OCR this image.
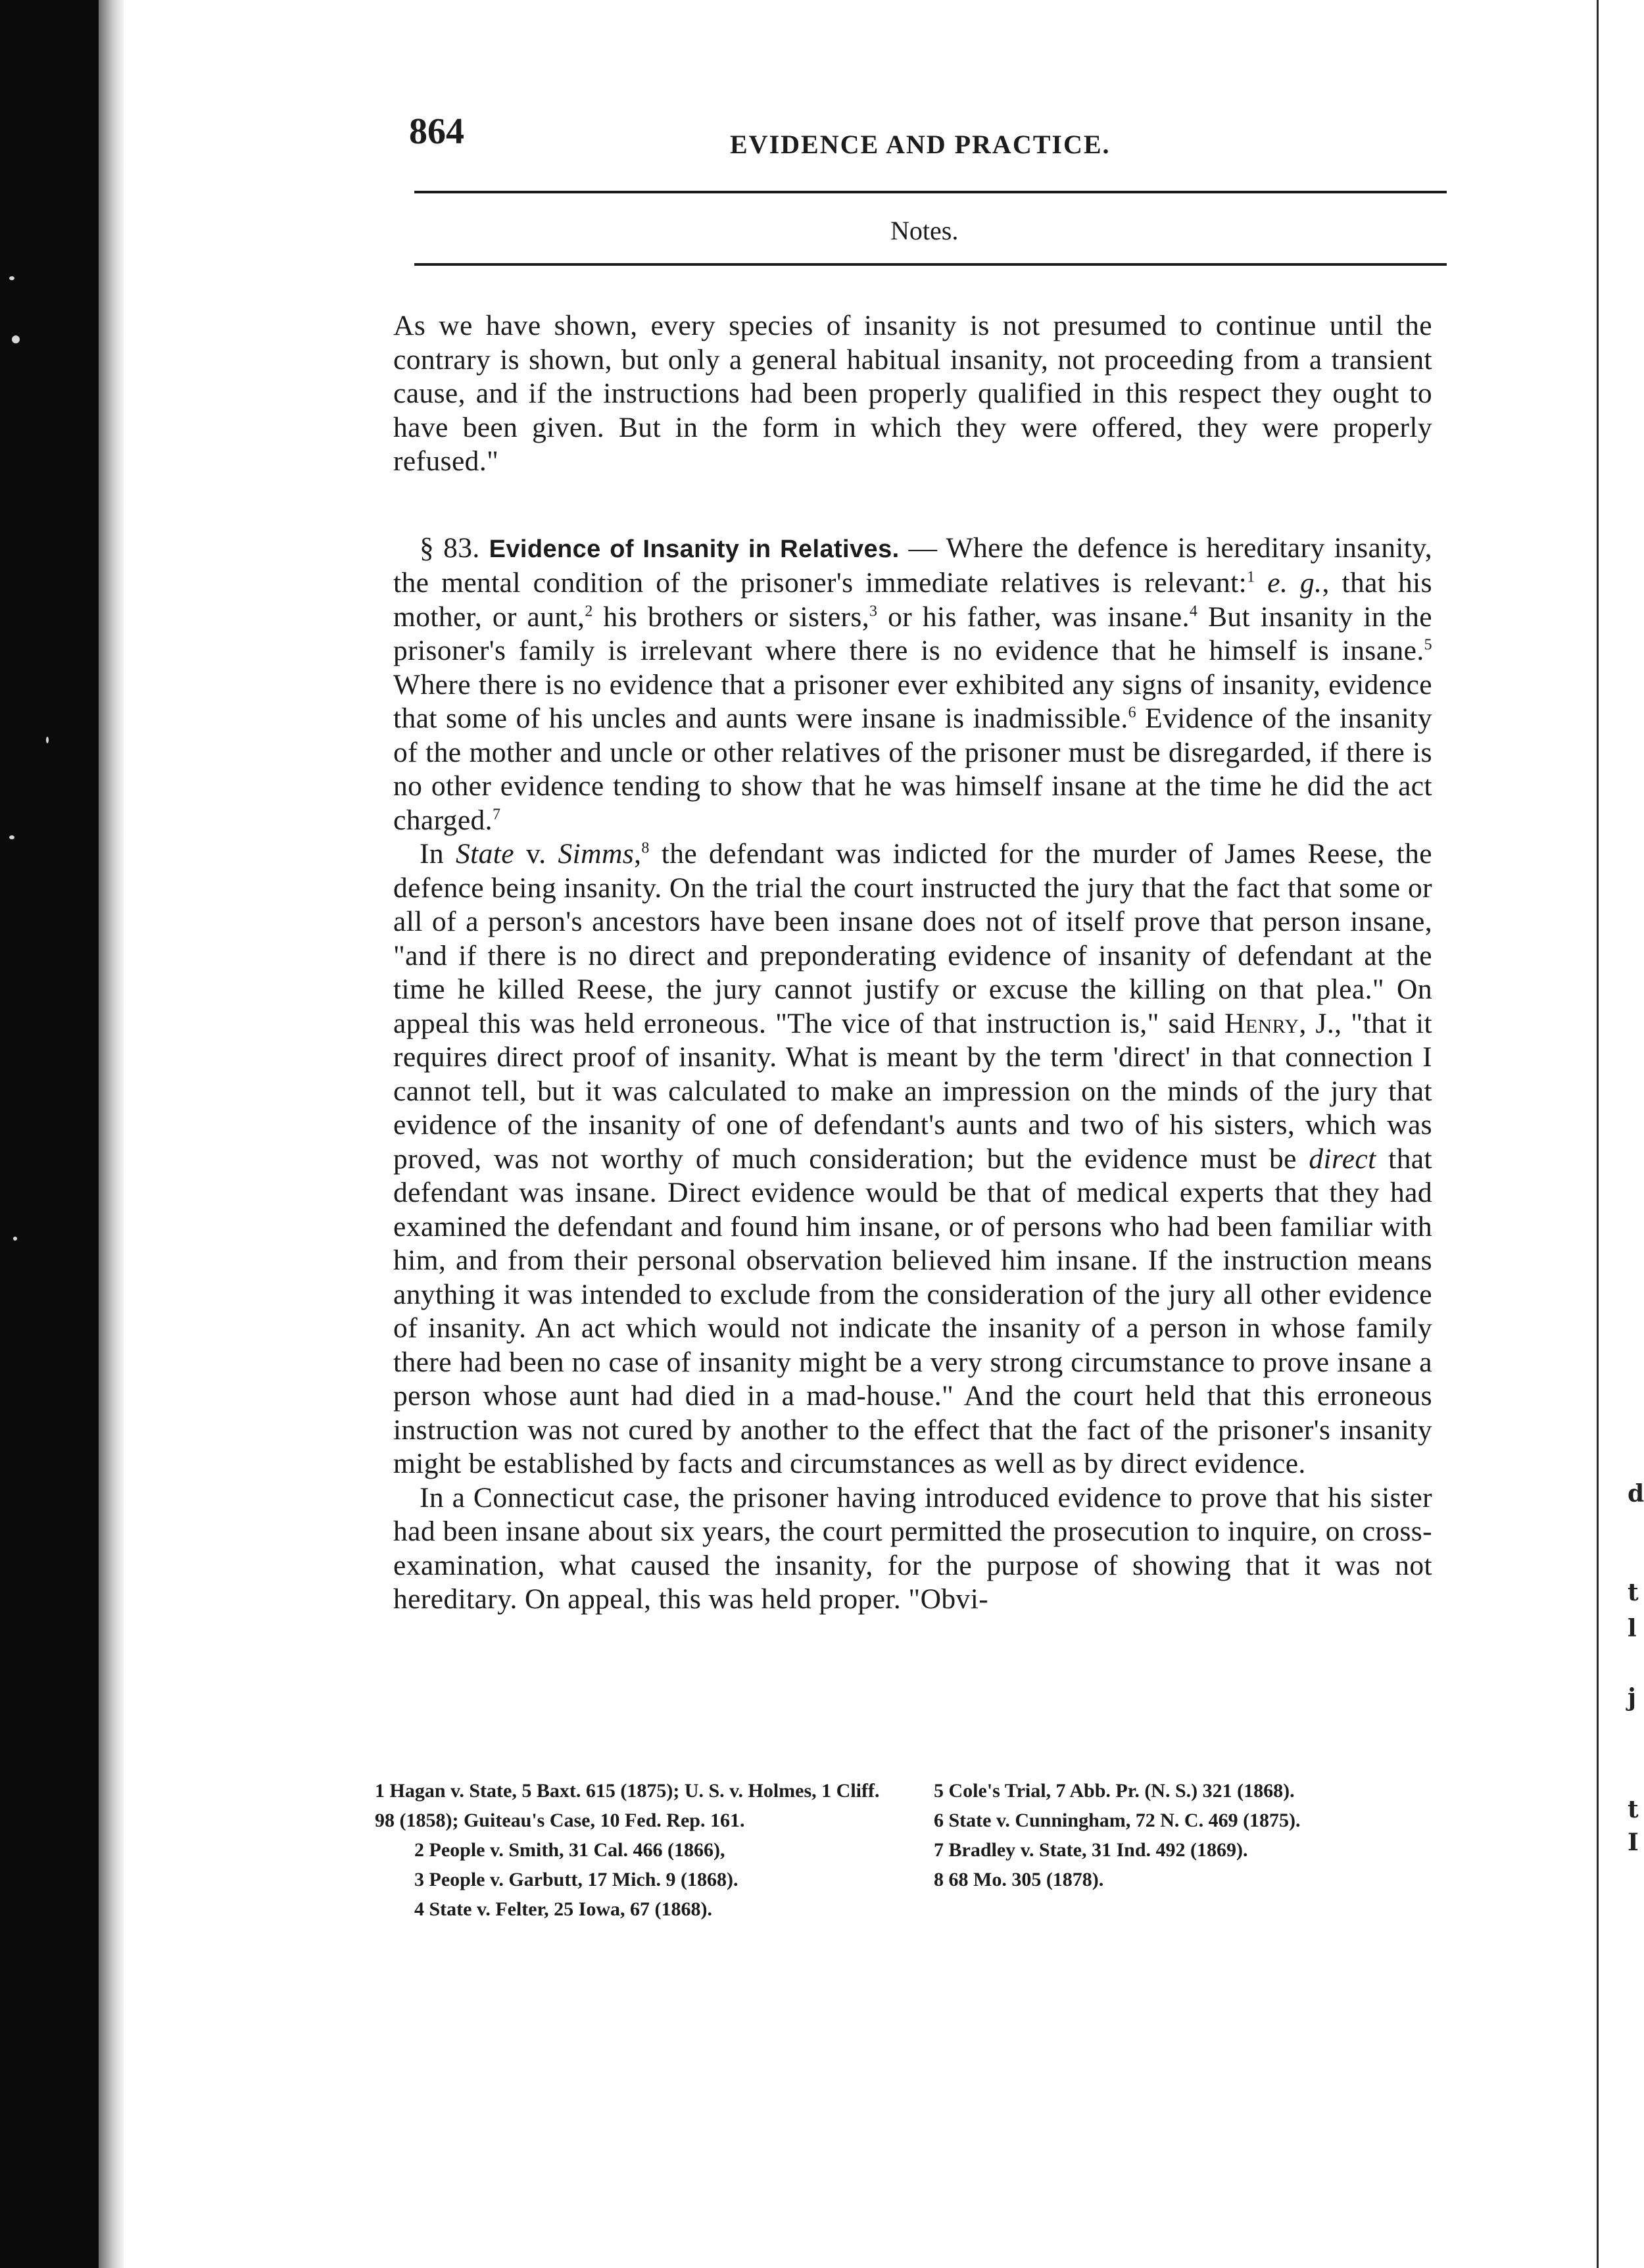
d
t
l
j
t
I
864	EVIDENCE AND PRACTICE.
Notes.

As we have shown, every species of insanity is not presumed to continue until the contrary is shown, but only a general habitual insanity, not proceeding from a transient cause, and if the instructions had been properly qualified in this respect they ought to have been given. But in the form in which they were offered, they were properly refused."

§ 83. Evidence of Insanity in Relatives. — Where the defence is hereditary insanity, the mental condition of the prisoner's immediate relatives is relevant:$^1$ e. g., that his mother, or aunt,$^2$ his brothers or sisters,$^3$ or his father, was insane.$^4$ But insanity in the prisoner's family is irrelevant where there is no evidence that he himself is insane.$^5$ Where there is no evidence that a prisoner ever exhibited any signs of insanity, evidence that some of his uncles and aunts were insane is inadmissible.$^6$ Evidence of the insanity of the mother and uncle or other relatives of the prisoner must be disregarded, if there is no other evidence tending to show that he was himself insane at the time he did the act charged.$^7$

In State v. Simms,$^8$ the defendant was indicted for the murder of James Reese, the defence being insanity. On the trial the court instructed the jury that the fact that some or all of a person's ancestors have been insane does not of itself prove that person insane, "and if there is no direct and preponderating evidence of insanity of defendant at the time he killed Reese, the jury cannot justify or excuse the killing on that plea." On appeal this was held erroneous. "The vice of that instruction is," said Henry, J., "that it requires direct proof of insanity. What is meant by the term 'direct' in that connection I cannot tell, but it was calculated to make an impression on the minds of the jury that evidence of the insanity of one of defendant's aunts and two of his sisters, which was proved, was not worthy of much consideration; but the evidence must be direct that defendant was insane. Direct evidence would be that of medical experts that they had examined the defendant and found him insane, or of persons who had been familiar with him, and from their personal observation believed him insane. If the instruction means anything it was intended to exclude from the consideration of the jury all other evidence of insanity. An act which would not indicate the insanity of a person in whose family there had been no case of insanity might be a very strong circumstance to prove insane a person whose aunt had died in a mad-house." And the court held that this erroneous instruction was not cured by another to the effect that the fact of the prisoner's insanity might be established by facts and circumstances as well as by direct evidence.

In a Connecticut case, the prisoner having introduced evidence to prove that his sister had been insane about six years, the court permitted the prosecution to inquire, on cross-examination, what caused the insanity, for the purpose of showing that it was not hereditary. On appeal, this was held proper. "Obvi-

1 Hagan v. State, 5 Baxt. 615 (1875); U. S. v. Holmes, 1 Cliff. 98 (1858); Guiteau's Case, 10 Fed. Rep. 161.

2 People v. Smith, 31 Cal. 466 (1866),

3 People v. Garbutt, 17 Mich. 9 (1868).

4 State v. Felter, 25 Iowa, 67 (1868).

5 Cole's Trial, 7 Abb. Pr. (N. S.) 321 (1868).

6 State v. Cunningham, 72 N. C. 469 (1875).

7 Bradley v. State, 31 Ind. 492 (1869).

8 68 Mo. 305 (1878).
